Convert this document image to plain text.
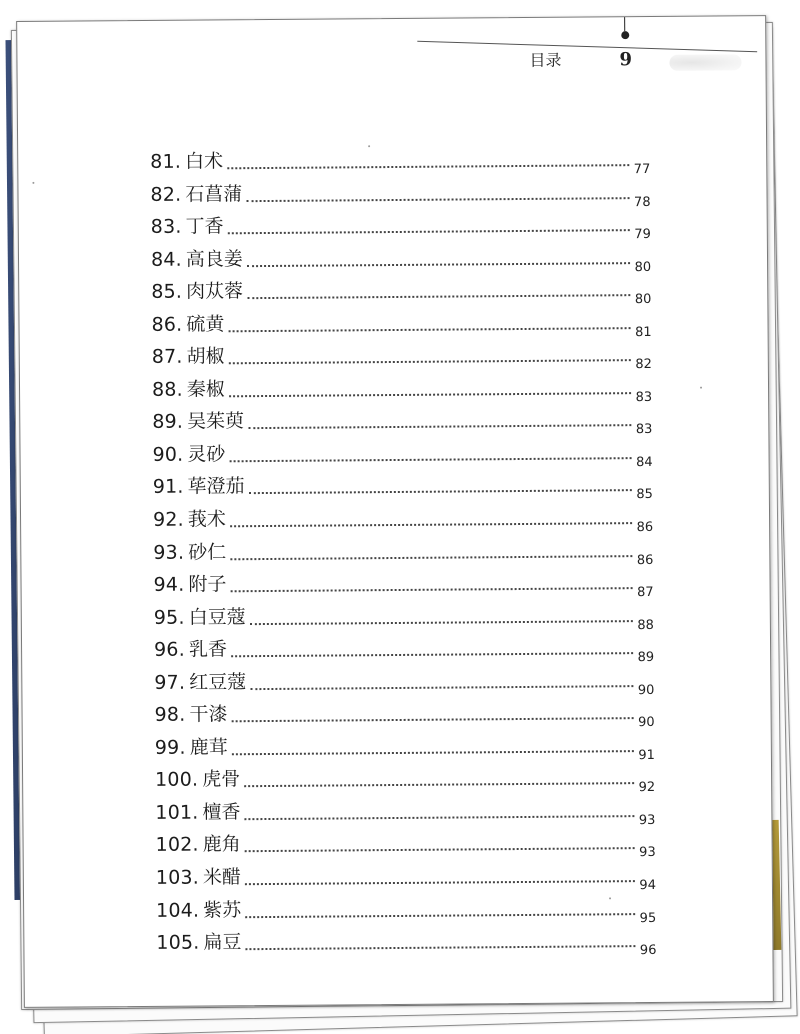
目录	9
81. 白术	77
82. 石菖蒲	78
83. 丁香	79
84. 高良姜	80
85. 肉苁蓉	80
86. 硫黄	81
87. 胡椒	82
88. 秦椒	83
89. 吴茱萸	83
90. 灵砂	84
91. 荜澄茄	85
92. 莪术	86
93. 砂仁	86
94. 附子	87
95. 白豆蔻	88
96. 乳香	89
97. 红豆蔻	90
98. 干漆	90
99. 鹿茸	91
100. 虎骨	92
101. 檀香	93
102. 鹿角	93
103. 米醋	94
104. 紫苏	95
105. 扁豆	96
